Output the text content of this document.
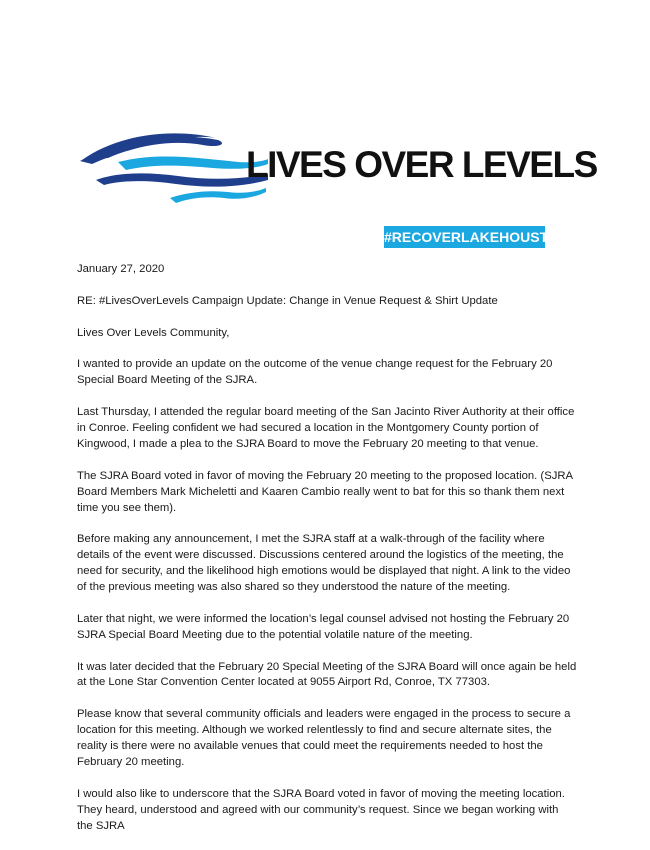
LIVES OVER LEVELS
#RECOVERLAKEHOUSTON

January 27, 2020

RE: #LivesOverLevels Campaign Update: Change in Venue Request & Shirt Update

Lives Over Levels Community,

I wanted to provide an update on the outcome of the venue change request for the February 20 Special Board Meeting of the SJRA.

Last Thursday, I attended the regular board meeting of the San Jacinto River Authority at their office in Conroe. Feeling confident we had secured a location in the Montgomery County portion of Kingwood, I made a plea to the SJRA Board to move the February 20 meeting to that venue.

The SJRA Board voted in favor of moving the February 20 meeting to the proposed location. (SJRA Board Members Mark Micheletti and Kaaren Cambio really went to bat for this so thank them next time you see them).

Before making any announcement, I met the SJRA staff at a walk-through of the facility where details of the event were discussed. Discussions centered around the logistics of the meeting, the need for security, and the likelihood high emotions would be displayed that night. A link to the video of the previous meeting was also shared so they understood the nature of the meeting.

Later that night, we were informed the location’s legal counsel advised not hosting the February 20 SJRA Special Board Meeting due to the potential volatile nature of the meeting.

It was later decided that the February 20 Special Meeting of the SJRA Board will once again be held at the Lone Star Convention Center located at 9055 Airport Rd, Conroe, TX 77303.

Please know that several community officials and leaders were engaged in the process to secure a location for this meeting. Although we worked relentlessly to find and secure alternate sites, the reality is there were no available venues that could meet the requirements needed to host the February 20 meeting.

I would also like to underscore that the SJRA Board voted in favor of moving the meeting location. They heard, understood and agreed with our community’s request. Since we began working with the SJRA
